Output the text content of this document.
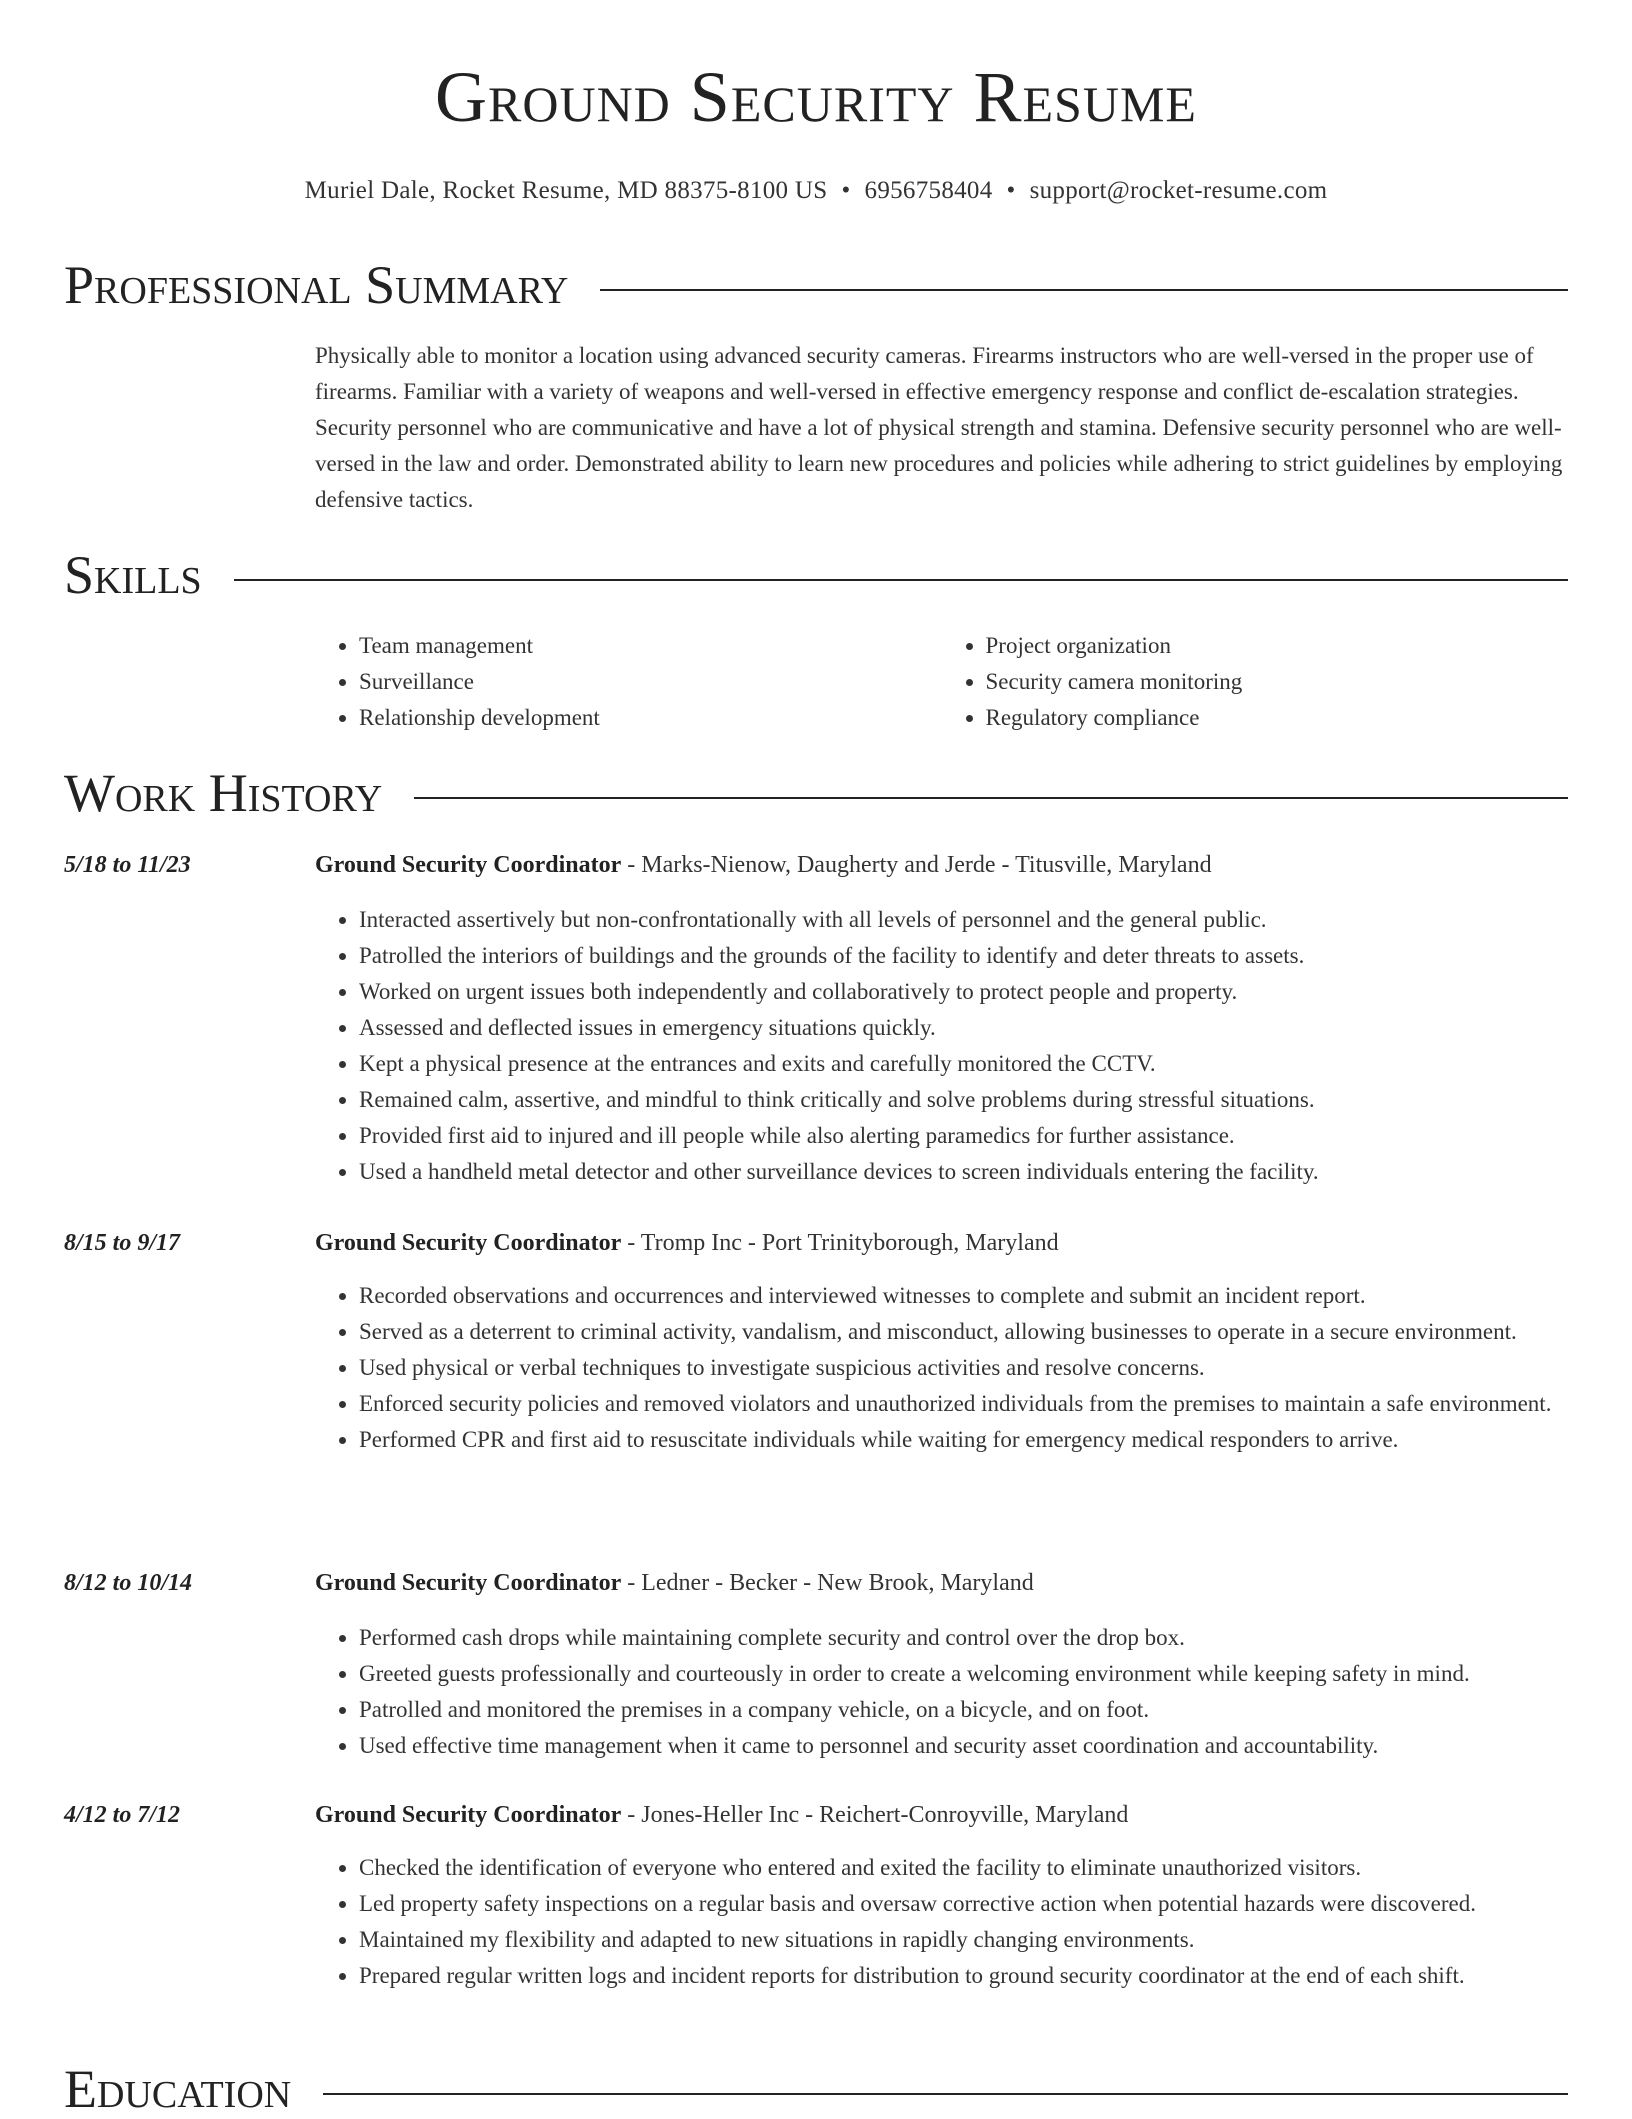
Ground Security Resume
Muriel Dale, Rocket Resume, MD 88375-8100 US • 6956758404 • support@rocket-resume.com
Professional Summary

Physically able to monitor a location using advanced security cameras. Firearms instructors who are well-versed in the proper use of firearms. Familiar with a variety of weapons and well-versed in effective emergency response and conflict de-escalation strategies. Security personnel who are communicative and have a lot of physical strength and stamina. Defensive security personnel who are well-versed in the law and order. Demonstrated ability to learn new procedures and policies while adhering to strict guidelines by employing defensive tactics.

Skills
• Team management
• Surveillance
• Relationship development
• Project organization
• Security camera monitoring
• Regulatory compliance
Work History
5/18 to 11/23	Ground Security Coordinator - Marks-Nienow, Daugherty and Jerde - Titusville, Maryland
• Interacted assertively but non-confrontationally with all levels of personnel and the general public.
• Patrolled the interiors of buildings and the grounds of the facility to identify and deter threats to assets.
• Worked on urgent issues both independently and collaboratively to protect people and property.
• Assessed and deflected issues in emergency situations quickly.
• Kept a physical presence at the entrances and exits and carefully monitored the CCTV.
• Remained calm, assertive, and mindful to think critically and solve problems during stressful situations.
• Provided first aid to injured and ill people while also alerting paramedics for further assistance.
• Used a handheld metal detector and other surveillance devices to screen individuals entering the facility.
8/15 to 9/17	Ground Security Coordinator - Tromp Inc - Port Trinityborough, Maryland
• Recorded observations and occurrences and interviewed witnesses to complete and submit an incident report.
• Served as a deterrent to criminal activity, vandalism, and misconduct, allowing businesses to operate in a secure environment.
• Used physical or verbal techniques to investigate suspicious activities and resolve concerns.
• Enforced security policies and removed violators and unauthorized individuals from the premises to maintain a safe environment.
• Performed CPR and first aid to resuscitate individuals while waiting for emergency medical responders to arrive.
8/12 to 10/14	Ground Security Coordinator - Ledner - Becker - New Brook, Maryland
• Performed cash drops while maintaining complete security and control over the drop box.
• Greeted guests professionally and courteously in order to create a welcoming environment while keeping safety in mind.
• Patrolled and monitored the premises in a company vehicle, on a bicycle, and on foot.
• Used effective time management when it came to personnel and security asset coordination and accountability.
4/12 to 7/12	Ground Security Coordinator - Jones-Heller Inc - Reichert-Conroyville, Maryland
• Checked the identification of everyone who entered and exited the facility to eliminate unauthorized visitors.
• Led property safety inspections on a regular basis and oversaw corrective action when potential hazards were discovered.
• Maintained my flexibility and adapted to new situations in rapidly changing environments.
• Prepared regular written logs and incident reports for distribution to ground security coordinator at the end of each shift.
Education
